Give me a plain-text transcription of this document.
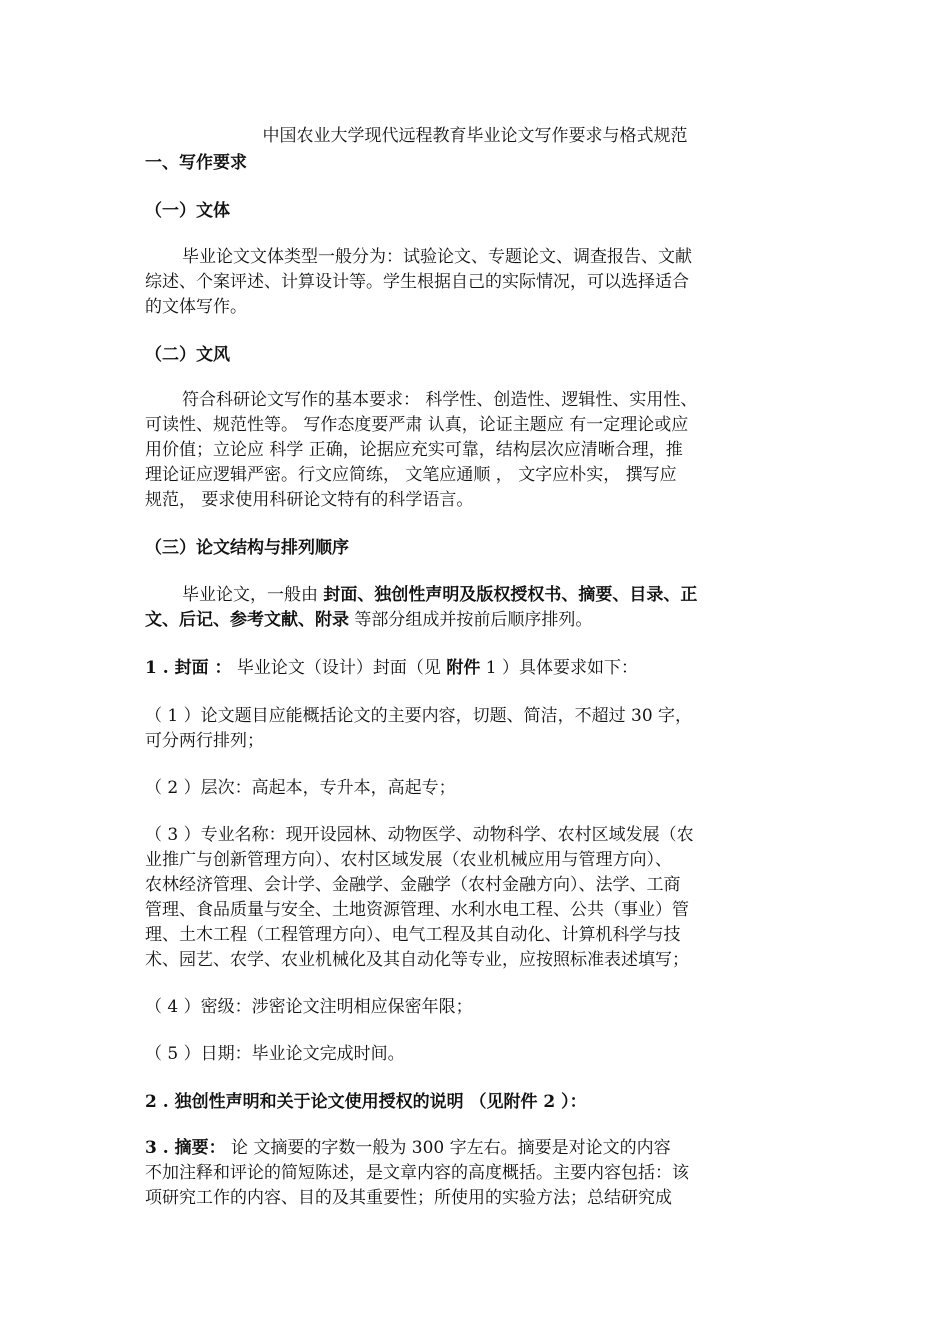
中国农业大学现代远程教育毕业论文写作要求与格式规范
一、写作要求
（一）文体
毕业论文文体类型一般分为：试验论文、专题论文、调查报告、文献
综述、个案评述、计算设计等。学生根据自己的实际情况，可以选择适合
的文体写作。
（二）文风
符合科研论文写作的基本要求： 科学性、创造性、逻辑性、实用性、
可读性、规范性等。 写作态度要严肃 认真，论证主题应 有一定理论或应
用价值；立论应 科学 正确，论据应充实可靠，结构层次应清晰合理，推
理论证应逻辑严密。行文应简练， 文笔应通顺 ， 文字应朴实， 撰写应
规范， 要求使用科研论文特有的科学语言。
（三）论文结构与排列顺序
毕业论文，一般由 封面、独创性声明及版权授权书、摘要、目录、正
文、后记、参考文献、附录 等部分组成并按前后顺序排列。
1 . 封面 ： 毕业论文（设计）封面（见 附件 1 ）具体要求如下：
（ 1 ）论文题目应能概括论文的主要内容，切题、简洁，不超过 30 字，
可分两行排列；
（ 2 ）层次：高起本，专升本，高起专；
（ 3 ）专业名称：现开设园林、动物医学、动物科学、农村区域发展（农
业推广与创新管理方向）、农村区域发展（农业机械应用与管理方向）、
农林经济管理、会计学、金融学、金融学（农村金融方向）、法学、工商
管理、食品质量与安全、土地资源管理、水利水电工程、公共（事业）管
理、土木工程（工程管理方向）、电气工程及其自动化、计算机科学与技
术、园艺、农学、农业机械化及其自动化等专业，应按照标准表述填写；
（ 4 ）密级：涉密论文注明相应保密年限；
（ 5 ）日期：毕业论文完成时间。
2 . 独创性声明和关于论文使用授权的说明 （见附件 2 ）：
3 . 摘要： 论 文摘要的字数一般为 300 字左右。摘要是对论文的内容
不加注释和评论的简短陈述，是文章内容的高度概括。主要内容包括：该
项研究工作的内容、目的及其重要性；所使用的实验方法；总结研究成
